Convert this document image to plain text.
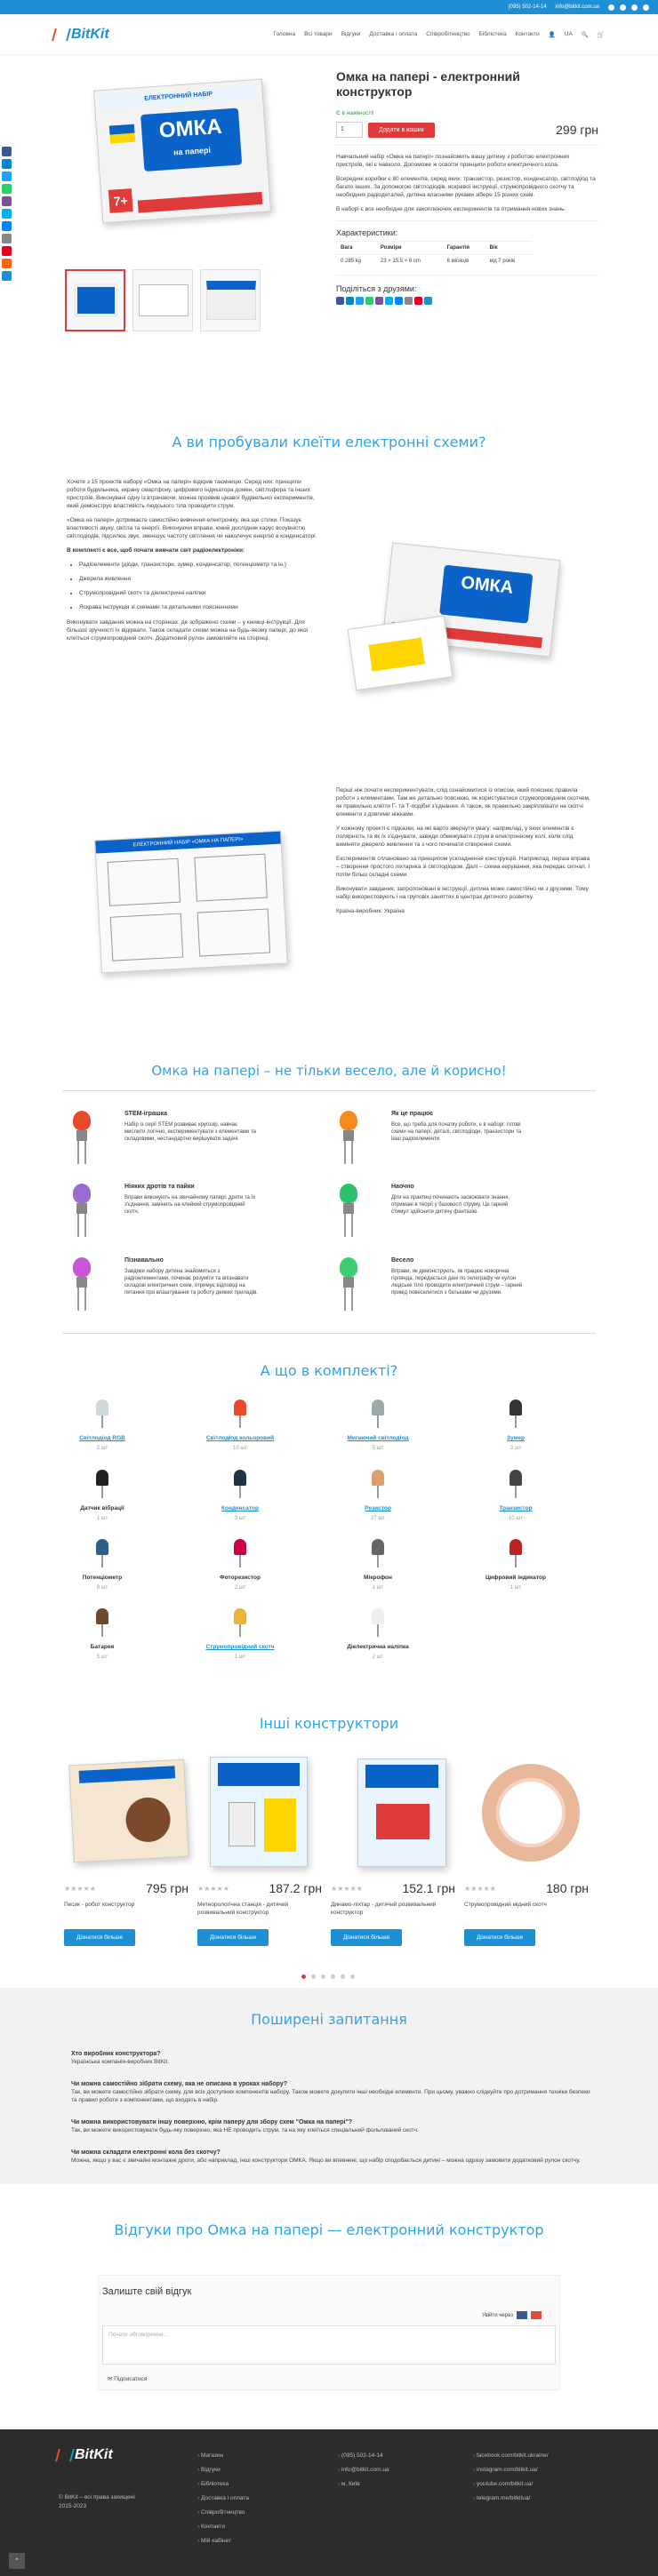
(095) 502-14-14 info@bitkit.com.ua
BitKit	Головна Всі товари Відгуки Доставка і оплата Співробітництво Бібліотека Контакти 👤 UA 🔍 🛒
ЕЛЕКТРОННИЙ НАБІР
ОМКА
на папері
7+
Омка на папері - електронний конструктор
Є в наявності!
1	Додати в кошик	299 грн

Навчальний набір «Омка на папері» познайомить вашу дитину з роботою електронних пристроїв, які є навколо. Допоможе ж освоїти принципи роботи електричного кола.

Всередині коробки є 80 елементів, серед яких: транзистор, резистор, конденсатор, світлодіод та багато інших. За допомогою світлодіодів, яскравої інструкції, струмопровідного скотчу та необхідних радіодеталей, дитина власними руками зібере 15 різних схем.

В наборі є все необхідне для захоплюючих експериментів та отримання нових знань.

Характеристики:
Вага	Розміри	Гарантія	Вік
0.285 kg	23 × 15.5 × 6 cm	6 місяців	від 7 років
Поділіться з друзями:
А ви пробували клеїти електронні схеми?

Хочете з 15 проектів набору «Омка на папері» відкрив таємницю. Серед них: принципи роботи будильника, екрану смартфону, цифрового індикатора домен, світлофора та інших пристроїв. Виконувані одну із втрачаючи, можна проявив цікавої будівельної експериментів, який демонструє властивість людського тіла проводити струм.

«Омка на папері» дотримаєте самостійно вивчення електроніку, яка ще стілки. Показує властивості звуку, світла та енергії. Виконуючи вправи, юний дослідник карус всоувністю світлодіодів, підсилює звук, зменшує частоту світлення чи наколечує енергію в конденсаторі.

В комплекті є все, щоб почати вивчати світ радіоелектроніки:

• Радіоелементи (діоди, транзистори, зумер, конденсатор, потенціометр та ін.)
• Джерела живлення
• Струмопровідний скотч та діелектричні наліпки
• Яскрава інструкція зі схемами та детальними поясненнями

Виконувати завдання можна на сторінках, де зображено схеми – у книжці-інструкції. Для більшої зручності їх відірвати. Також складати схеми можна на будь-якому папері, до якої клеїться струмопровідний скотч. Додатковий рулон замовляйте на сторінці.

ОМКА
ЕЛЕКТРОННИЙ НАБІР «ОМКА НА ПАПЕРІ»

Перші ніж почати експериментувати, слід ознайомитися із описом, який пояснює правила роботи з елементами. Там же детально пояснюю, як користуватися струмопровідним скотчем, як правильно клеїти Г- та Т-подібні з'єднання. А також, як правильно закріплювати на скотчі елементи з довгими ніжками.

У кожному проекті є підказки, на які варто звернути увагу: наприклад, у яких елементів є полярність та як їх з'єднувати, завжди обмежувати струм в електронному колі, коли слід виміняти джерело живлення та з чого починати створення схеми.

Експериментів сплановано за принципом ускладнення конструкцій. Наприклад, перша вправа – створення простого ліхтарика зі світлодіодом. Далі – схема керування, яка передає сигнал. І потім більш складні схеми.

Виконувати завдання, запропоновані в інструкції, дитина може самостійно чи з друзями. Тому набір використовують і на груповіх заняттях в центрах дитячого розвитку.

Країна-виробник: Україна

Омка на папері – не тільки весело, але й корисно!
STEM-іграшка
Набір із серії STEM розвиває кругозір, навчає мислити логічно, експериментувати з елементами та складовими, нестандартно вирішувати задачі.
Як це працює
Все, що треба для початку роботи, є в наборі: готові схеми на папері, деталі, світлодіоди, транзистори та інші радіоелементи.
Ніяких дротів та пайки
Вправи виконують на звичайному папері: дроти та їх з'єднання, замінить на клейкий струмопровідний скотч.
Наочно
Діти на практиці починають засвоювати знання, отримані в теорії у базовості струму. Це гарний стимул здійснити дитячу фантазію.
Пізнавально
Завдяки набору дитина знайомиться з радіоелементами, починає розуміти та впізнавати складові електричних схем, отримує відповіді на питання про влаштування та роботу деяких приладів.
Весело
Вправи, як демонструють, як працює новорічна гірлянда, передається дані по телеграфу чи кулон людське тіло проводити електричний струм – гарний привід повеселитися з батьками чи друзями.
А що в комплекті?
Світлодіод RGB
2 шт
Світлодіод кольоровий
10 шт
Мигаючий світлодіод
5 шт
Зумер
3 шт
Датчик вібрації
1 шт
Конденсатор
3 шт
Резистор
27 шт
Транзистор
10 шт
Потенціометр
8 шт
Фоторезистор
2 шт
Мікрофон
1 шт
Цифровий індикатор
1 шт
Батарея
5 шт
Струмопровідний скотч
1 шт
Діелектрична наліпка
2 шт
Інші конструктори
★★★★★	795 грн
Песик - робот конструктор
Дізнатися більше
★★★★★	187.2 грн
Метеорологічна станція - дитячий розвивальний конструктор
Дізнатися більше
★★★★★	152.1 грн
Динамо-ліхтар - дитячий розвивальний конструктор
Дізнатися більше
★★★★★	180 грн
Струмопровідний мідний скотч
Дізнатися більше
Поширені запитання
Хто виробник конструктора?
Українська компанія-виробник BitKit.
Чи можна самостійно зібрати схему, яка не описана в уроках набору?
Так, ви можете самостійно зібрати схему, для всіх доступних компонентів набору. Також можете докупити інші необхідні елементи. При цьому, уважно слідкуйте про дотримання техніки безпеки та правил роботи з компонентами, що входять в набір.
Чи можна використовувати іншу поверхню, крім паперу для збору схем "Омка на папері"?
Так, ви можете використовувати будь-яку поверхню, яка НЕ проводить струм, та на яку клеїться спеціальний фольгований скотч.
Чи можна складати електронні кола без скотчу?
Можна, якщо у вас є звичайні монтажні дроти, або наприклад, інші конструктори ОМКА. Якщо ви впевнені, що набір сподобається дитині – можна одразу замовити додатковий рулон скотчу.
Відгуки про Омка на папері — електронний конструктор
Залиште свій відгук
Увійти через
Почати обговорення...
✉ Підписатися
BitKit
© BitKit – всі права захищені
2015-2023
› Магазин
› Відгуки
› Бібліотека
› Доставка і оплата
› Співробітництво
› Контакти
› Мій кабінет
› (095) 502-14-14
› info@bitkit.com.ua
› м. Київ
› facebook.com/bitkit.ukraine/
› instagram.com/bitkit.ua/
› youtube.com/bitkit.ua/
› telegram.me/bitkitua/
^
